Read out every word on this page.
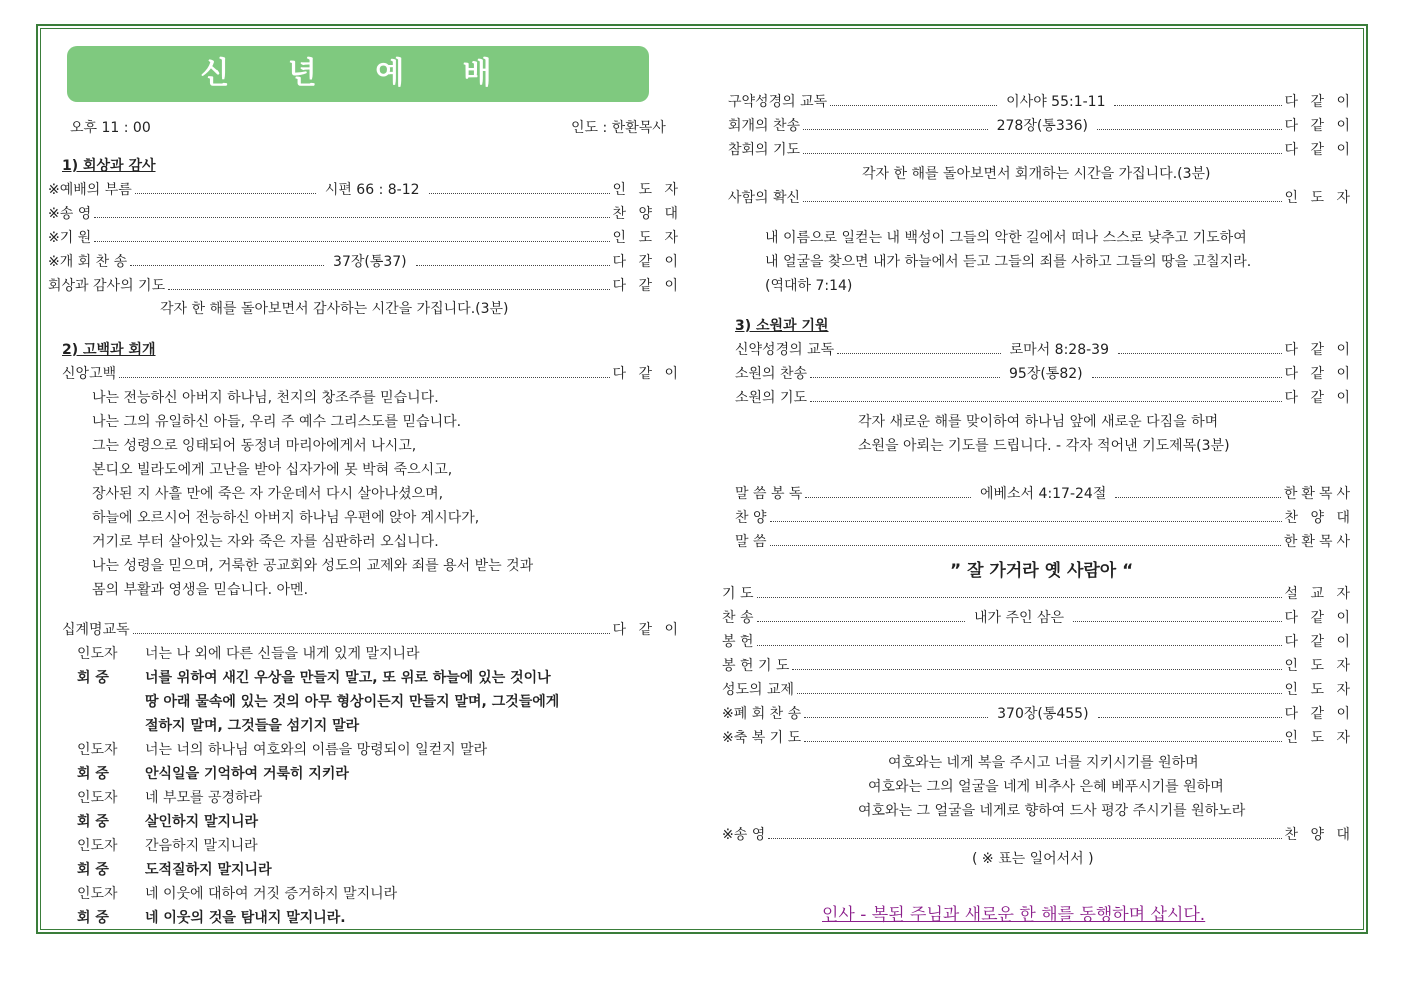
신 년 예 배
오후 11 : 00	인도 : 한환목사
1) 회상과 감사
※예배의 부름	시편 66 : 8-12	인 도 자
※송 영	찬 양 대
※기 원	인 도 자
※개 회 찬 송	37장(통37)	다 같 이
회상과 감사의 기도	다 같 이
각자 한 해를 돌아보면서 감사하는 시간을 가집니다.(3분)
2) 고백과 회개
신앙고백	다 같 이
나는 전능하신 아버지 하나님, 천지의 창조주를 믿습니다.
나는 그의 유일하신 아들, 우리 주 예수 그리스도를 믿습니다.
그는 성령으로 잉태되어 동정녀 마리아에게서 나시고,
본디오 빌라도에게 고난을 받아 십자가에 못 박혀 죽으시고,
장사된 지 사흘 만에 죽은 자 가운데서 다시 살아나셨으며,
하늘에 오르시어 전능하신 아버지 하나님 우편에 앉아 계시다가,
거기로 부터 살아있는 자와 죽은 자를 심판하러 오십니다.
나는 성령을 믿으며, 거룩한 공교회와 성도의 교제와 죄를 용서 받는 것과
몸의 부활과 영생을 믿습니다. 아멘.
십계명교독	다 같 이
인도자 너는 나 외에 다른 신들을 내게 있게 말지니라
회 중	너를 위하여 새긴 우상을 만들지 말고, 또 위로 하늘에 있는 것이나
땅 아래 물속에 있는 것의 아무 형상이든지 만들지 말며, 그것들에게
절하지 말며, 그것들을 섬기지 말라
인도자 너는 너의 하나님 여호와의 이름을 망령되이 일컫지 말라
회 중	안식일을 기억하여 거룩히 지키라
인도자 네 부모를 공경하라
회 중	살인하지 말지니라
인도자 간음하지 말지니라
회 중	도적질하지 말지니라
인도자 네 이웃에 대하여 거짓 증거하지 말지니라
회 중	네 이웃의 것을 탐내지 말지니라.
구약성경의 교독	이사야 55:1-11	다 같 이
회개의 찬송	278장(통336)	다 같 이
참회의 기도	다 같 이
각자 한 해를 돌아보면서 회개하는 시간을 가집니다.(3분)
사함의 확신	인 도 자
내 이름으로 일컫는 내 백성이 그들의 악한 길에서 떠나 스스로 낮추고 기도하여
내 얼굴을 찾으면 내가 하늘에서 듣고 그들의 죄를 사하고 그들의 땅을 고칠지라.
(역대하 7:14)
3) 소원과 기원
신약성경의 교독	로마서 8:28-39	다 같 이
소원의 찬송	95장(통82)	다 같 이
소원의 기도	다 같 이
각자 새로운 해를 맞이하여 하나님 앞에 새로운 다짐을 하며
소원을 아뢰는 기도를 드립니다. - 각자 적어낸 기도제목(3분)
말 씀 봉 독	에베소서 4:17-24절	한환목사
찬 양	찬 양 대
말 씀	한환목사
” 잘 가거라 옛 사람아 “
기 도	설 교 자
찬 송	내가 주인 삼은	다 같 이
봉 헌	다 같 이
봉 헌 기 도	인 도 자
성도의 교제	인 도 자
※폐 회 찬 송	370장(통455)	다 같 이
※축 복 기 도	인 도 자
여호와는 네게 복을 주시고 너를 지키시기를 원하며
여호와는 그의 얼굴을 네게 비추사 은혜 베푸시기를 원하며
여호와는 그 얼굴을 네게로 향하여 드사 평강 주시기를 원하노라
※송 영	찬 양 대
( ※ 표는 일어서서 )
인사 - 복된 주님과 새로운 한 해를 동행하며 삽시다.
